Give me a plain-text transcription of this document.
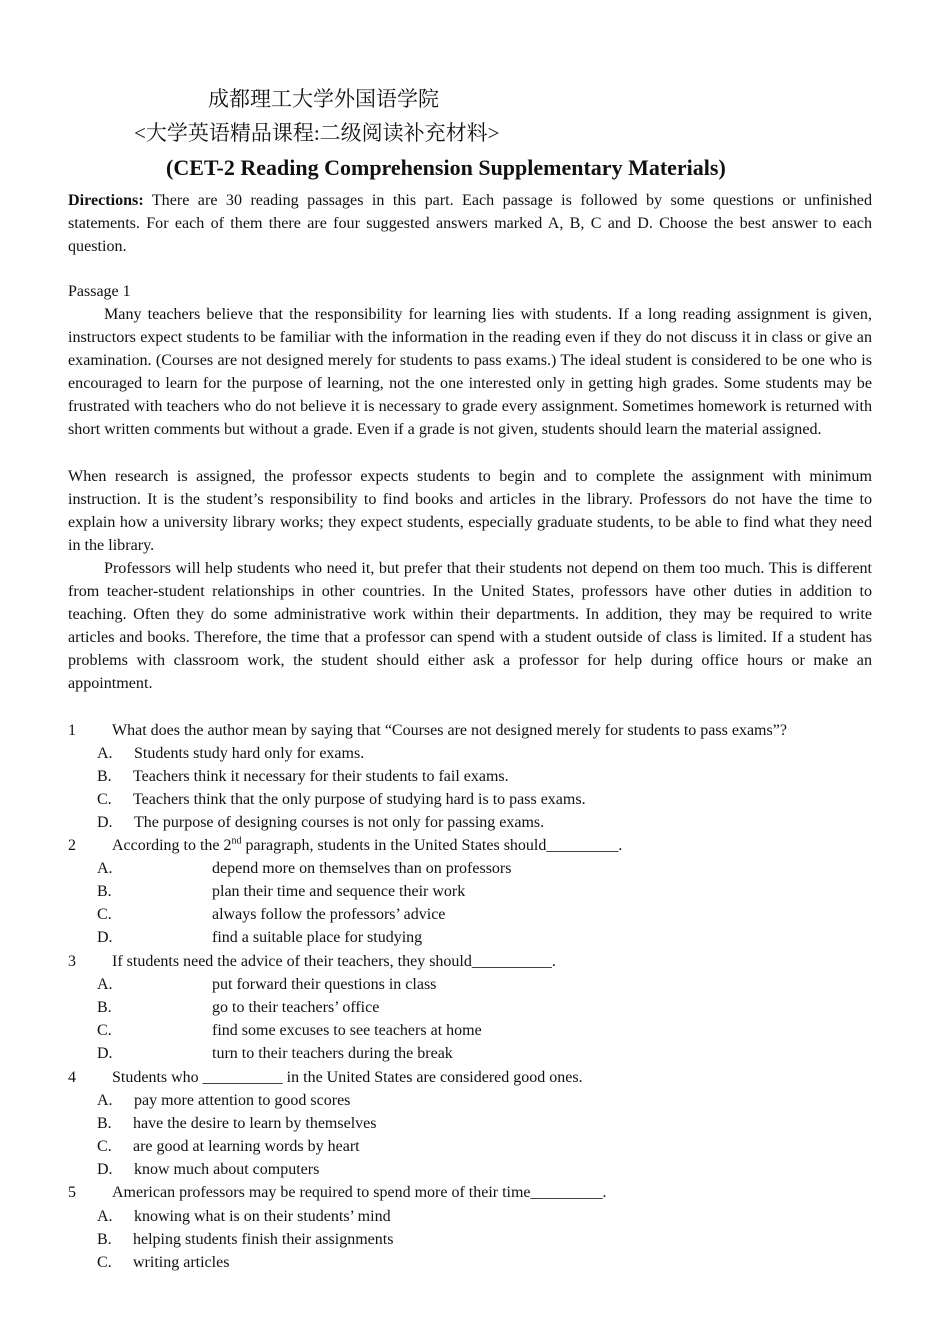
成都理工大学外国语学院
<大学英语精品课程:二级阅读补充材料>
(CET-2 Reading Comprehension Supplementary Materials)
Directions: There are 30 reading passages in this part. Each passage is followed by some questions or unfinished statements. For each of them there are four suggested answers marked A, B, C and D. Choose the best answer to each question.
Passage 1
Many teachers believe that the responsibility for learning lies with students. If a long reading assignment is given, instructors expect students to be familiar with the information in the reading even if they do not discuss it in class or give an examination. (Courses are not designed merely for students to pass exams.) The ideal student is considered to be one who is encouraged to learn for the purpose of learning, not the one interested only in getting high grades. Some students may be frustrated with teachers who do not believe it is necessary to grade every assignment. Sometimes homework is returned with short written comments but without a grade. Even if a grade is not given, students should learn the material assigned.
When research is assigned, the professor expects students to begin and to complete the assignment with minimum instruction. It is the student’s responsibility to find books and articles in the library. Professors do not have the time to explain how a university library works; they expect students, especially graduate students, to be able to find what they need in the library.
Professors will help students who need it, but prefer that their students not depend on them too much. This is different from teacher-student relationships in other countries. In the United States, professors have other duties in addition to teaching. Often they do some administrative work within their departments. In addition, they may be required to write articles and books. Therefore, the time that a professor can spend with a student outside of class is limited. If a student has problems with classroom work, the student should either ask a professor for help during office hours or make an appointment.
1 What does the author mean by saying that “Courses are not designed merely for students to pass exams”?
A. Students study hard only for exams.
B. Teachers think it necessary for their students to fail exams.
C. Teachers think that the only purpose of studying hard is to pass exams.
D. The purpose of designing courses is not only for passing exams.
2 According to the 2nd paragraph, students in the United States should_________.
A.	depend more on themselves than on professors
B.	plan their time and sequence their work
C.	always follow the professors’ advice
D.	find a suitable place for studying
3 If students need the advice of their teachers, they should__________.
A.	put forward their questions in class
B.	go to their teachers’ office
C.	find some excuses to see teachers at home
D.	turn to their teachers during the break
4 Students who __________ in the United States are considered good ones.
A. pay more attention to good scores
B. have the desire to learn by themselves
C. are good at learning words by heart
D. know much about computers
5 American professors may be required to spend more of their time_________.
A. knowing what is on their students’ mind
B. helping students finish their assignments
C. writing articles
